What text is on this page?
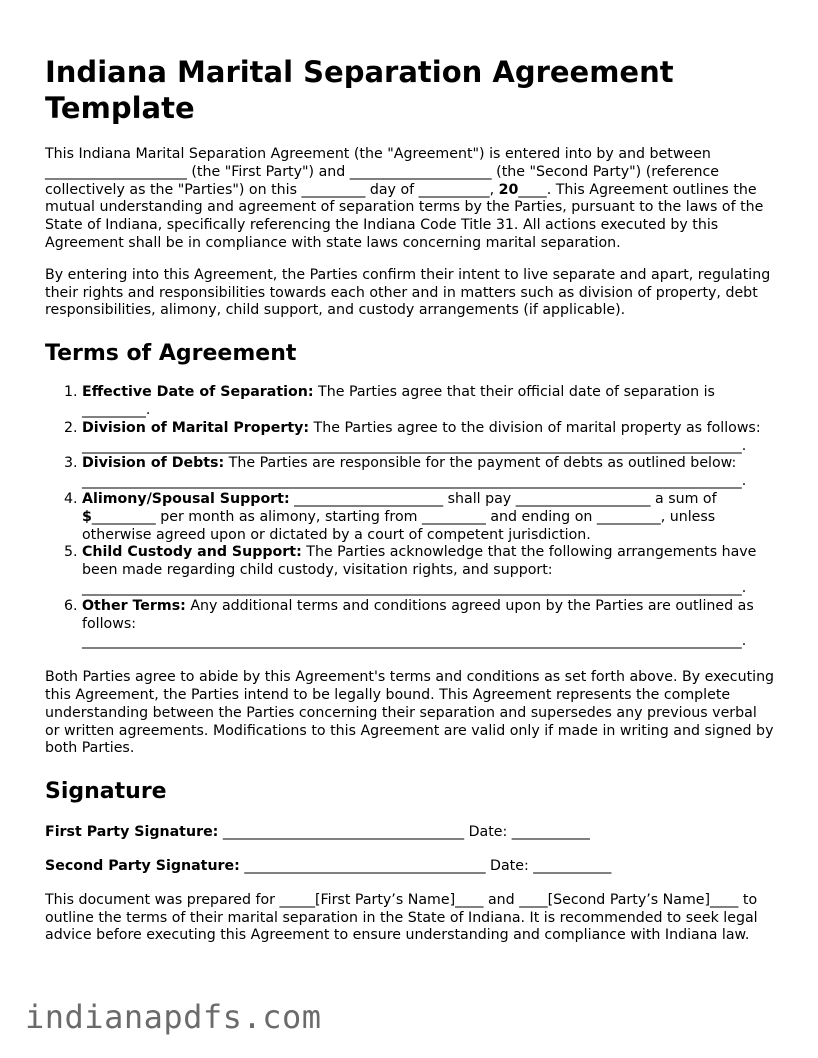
Indiana Marital Separation Agreement Template

This Indiana Marital Separation Agreement (the "Agreement") is entered into by and between ____________________ (the "First Party") and ____________________ (the "Second Party") (reference collectively as the "Parties") on this _________ day of __________, 20____. This Agreement outlines the mutual understanding and agreement of separation terms by the Parties, pursuant to the laws of the State of Indiana, specifically referencing the Indiana Code Title 31. All actions executed by this Agreement shall be in compliance with state laws concerning marital separation.

By entering into this Agreement, the Parties confirm their intent to live separate and apart, regulating their rights and responsibilities towards each other and in matters such as division of property, debt responsibilities, alimony, child support, and custody arrangements (if applicable).

Terms of Agreement
1. Effective Date of Separation: The Parties agree that their official date of separation is _________.
2. Division of Marital Property: The Parties agree to the division of marital property as follows: _____________________________________________________________________________________________.
3. Division of Debts: The Parties are responsible for the payment of debts as outlined below: _____________________________________________________________________________________________.
4. Alimony/Spousal Support: _____________________ shall pay ___________________ a sum of $_________ per month as alimony, starting from _________ and ending on _________, unless otherwise agreed upon or dictated by a court of competent jurisdiction.
5. Child Custody and Support: The Parties acknowledge that the following arrangements have been made regarding child custody, visitation rights, and support: _____________________________________________________________________________________________.
6. Other Terms: Any additional terms and conditions agreed upon by the Parties are outlined as follows: _____________________________________________________________________________________________.

Both Parties agree to abide by this Agreement's terms and conditions as set forth above. By executing this Agreement, the Parties intend to be legally bound. This Agreement represents the complete understanding between the Parties concerning their separation and supersedes any previous verbal or written agreements. Modifications to this Agreement are valid only if made in writing and signed by both Parties.

Signature
First Party Signature: __________________________________ Date: ___________
Second Party Signature: __________________________________ Date: ___________

This document was prepared for _____[First Party’s Name]____ and ____[Second Party’s Name]____ to outline the terms of their marital separation in the State of Indiana. It is recommended to seek legal advice before executing this Agreement to ensure understanding and compliance with Indiana law.

indianapdfs.com
